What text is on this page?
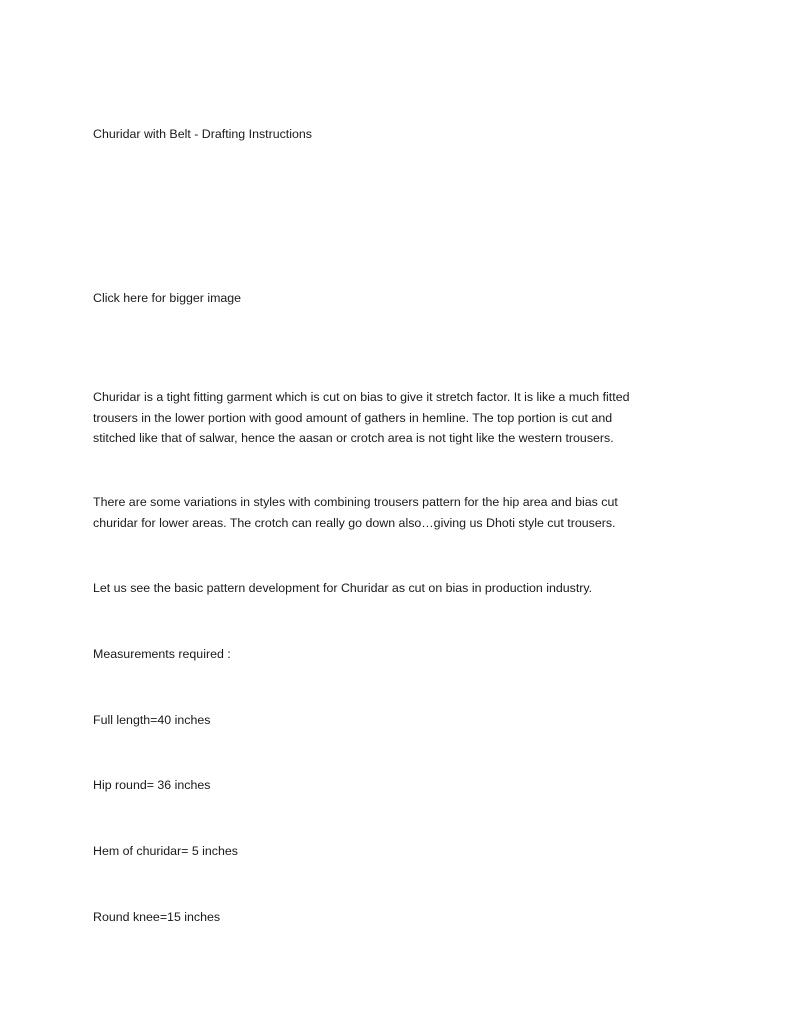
Churidar with Belt - Drafting Instructions

Click here for bigger image

Churidar is a tight fitting garment which is cut on bias to give it stretch factor. It is like a much fitted
trousers in the lower portion with good amount of gathers in hemline. The top portion is cut and
stitched like that of salwar, hence the aasan or crotch area is not tight like the western trousers.
There are some variations in styles with combining trousers pattern for the hip area and bias cut
churidar for lower areas. The crotch can really go down also…giving us Dhoti style cut trousers.

Let us see the basic pattern development for Churidar as cut on bias in production industry.

Measurements required :

Full length=40 inches

Hip round= 36 inches

Hem of churidar= 5 inches

Round knee=15 inches
